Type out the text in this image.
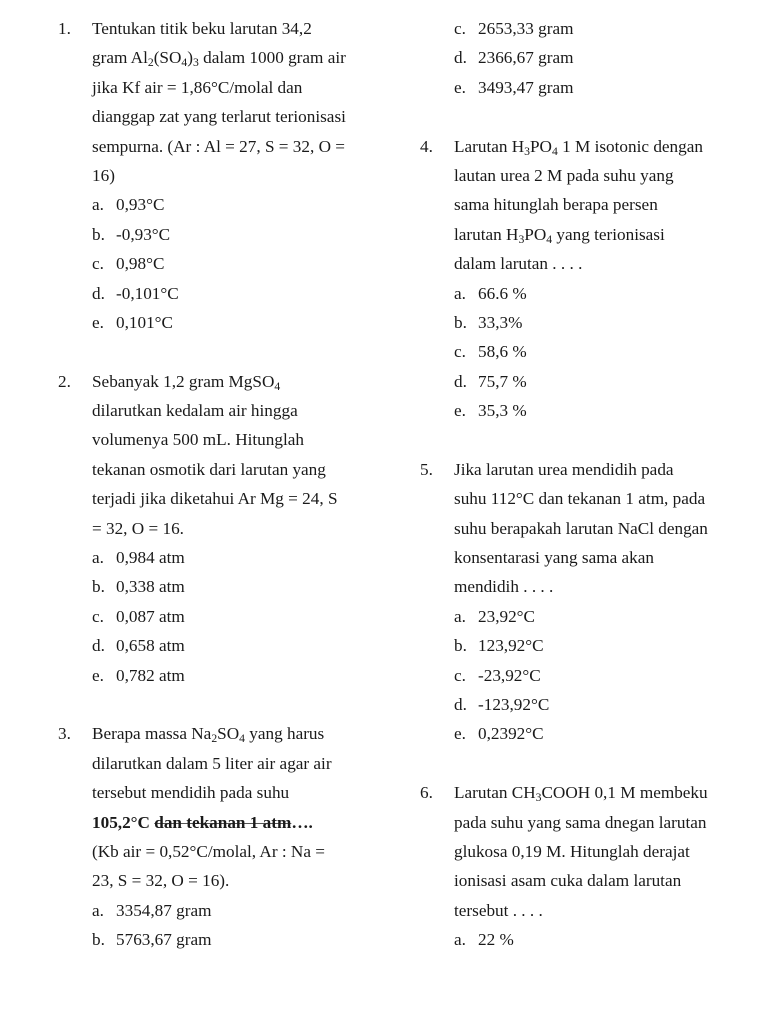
1.	Tentukan titik beku larutan 34,2
gram $Al_2(SO_4)_3$ dalam 1000 gram air
jika Kf air = 1,86°C/molal dan
dianggap zat yang terlarut terionisasi
sempurna. (Ar : Al = 27, S = 32, O =
16)
a. 0,93°C
b. -0,93°C
c. 0,98°C
d. -0,101°C
e. 0,101°C
2.	Sebanyak 1,2 gram MgSO$_4$
dilarutkan kedalam air hingga
volumenya 500 mL. Hitunglah
tekanan osmotik dari larutan yang
terjadi jika diketahui Ar Mg = 24, S
= 32, O = 16.
a. 0,984 atm
b. 0,338 atm
c. 0,087 atm
d. 0,658 atm
e. 0,782 atm
3.	Berapa massa $Na_2SO_4$ yang harus
dilarutkan dalam 5 liter air agar air
tersebut mendidih pada suhu
105,2°C dan tekanan 1 atm….
(Kb air = 0,52°C/molal, Ar : Na =
23, S = 32, O = 16).
a. 3354,87 gram
b. 5763,67 gram
c. 2653,33 gram
d. 2366,67 gram
e. 3493,47 gram
4.	Larutan $H_3PO_4$ 1 M isotonic dengan
lautan urea 2 M pada suhu yang
sama hitunglah berapa persen
larutan $H_3PO_4$ yang terionisasi
dalam larutan . . . .
a. 66.6 %
b. 33,3%
c. 58,6 %
d. 75,7 %
e. 35,3 %
5.	Jika larutan urea mendidih pada
suhu 112°C dan tekanan 1 atm, pada
suhu berapakah larutan NaCl dengan
konsentarasi yang sama akan
mendidih . . . .
a. 23,92°C
b. 123,92°C
c. -23,92°C
d. -123,92°C
e. 0,2392°C
6.	Larutan $CH_3COOH$ 0,1 M membeku
pada suhu yang sama dnegan larutan
glukosa 0,19 M. Hitunglah derajat
ionisasi asam cuka dalam larutan
tersebut . . . .
a. 22 %
